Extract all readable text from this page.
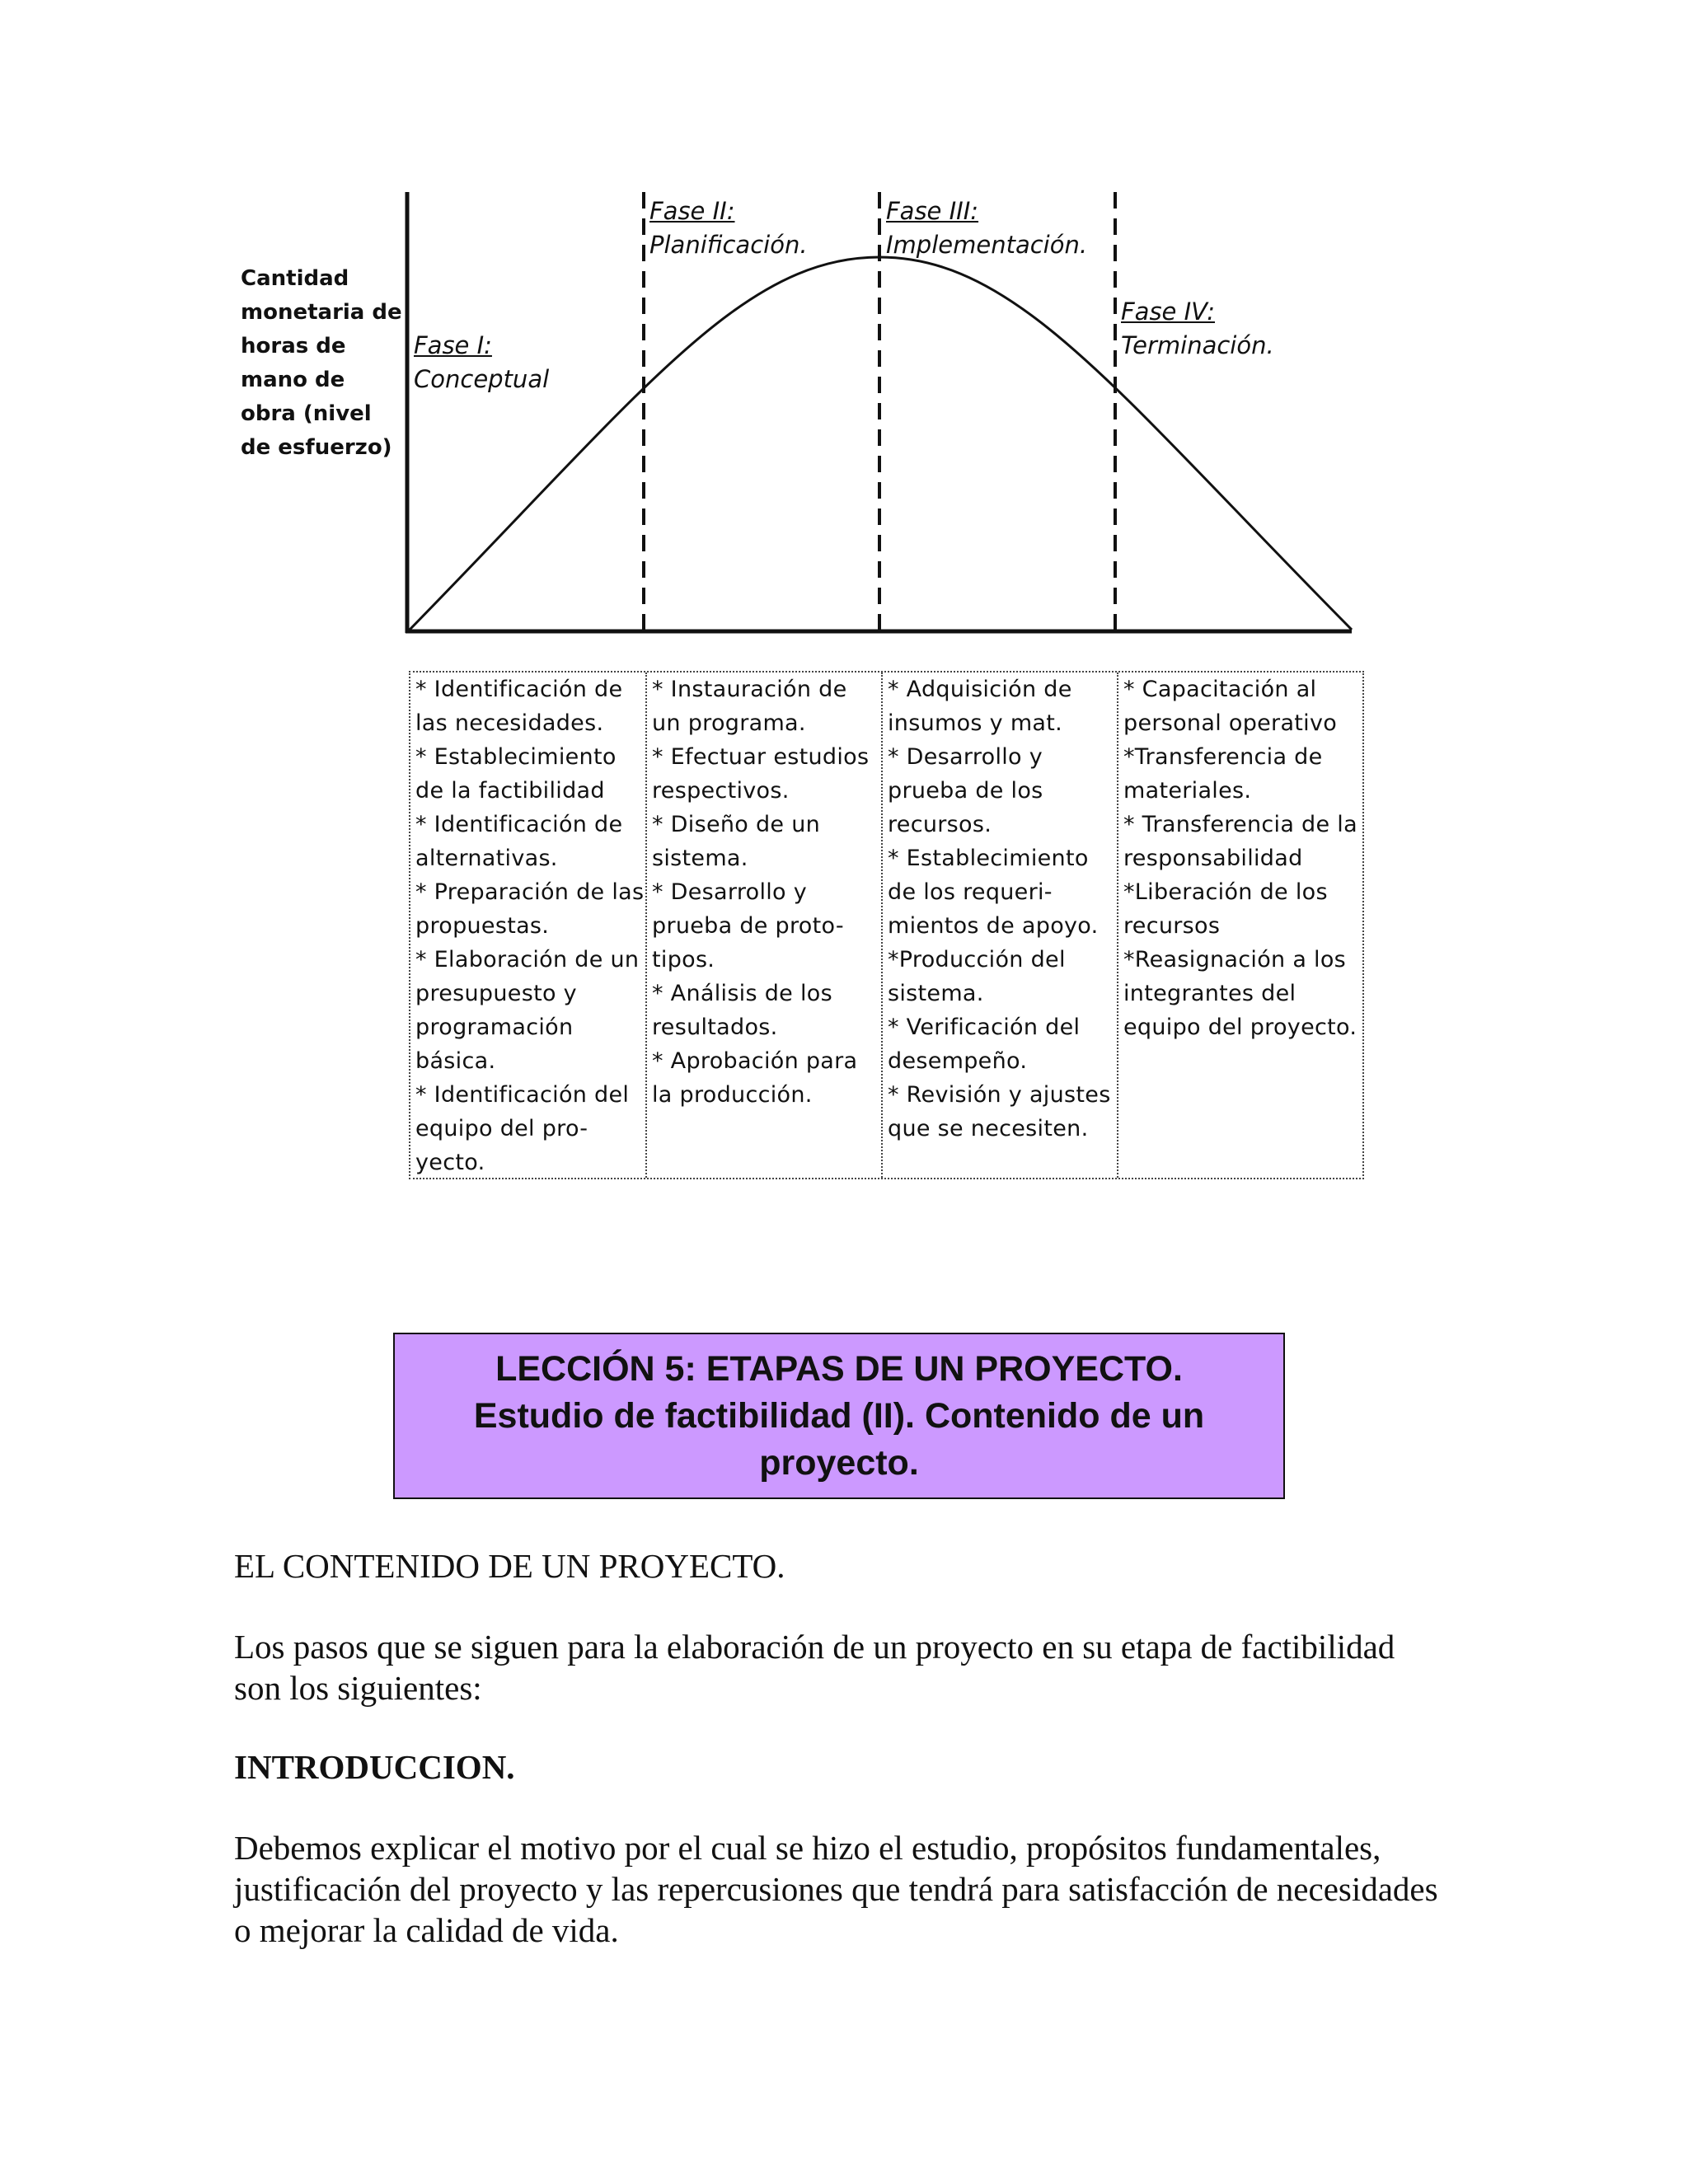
Cantidad monetaria de horas de mano de obra (nivel de esfuerzo)
Fase I:
Conceptual
Fase II:
Planificación.
Fase III:
Implementación.
Fase IV:
Terminación.
* Identificación de las necesidades.
* Establecimiento de la factibilidad
* Identificación de alternativas.
* Preparación de las propuestas.
* Elaboración de un presupuesto y programación básica.
* Identificación del equipo del pro-yecto.
* Instauración de un programa.
* Efectuar estudios respectivos.
* Diseño de un sistema.
* Desarrollo y prueba de proto-tipos.
* Análisis de los resultados.
* Aprobación para la producción.
* Adquisición de insumos y mat.
* Desarrollo y prueba de los recursos.
* Establecimiento de los requeri-mientos de apoyo.
*Producción del sistema.
* Verificación del desempeño.
* Revisión y ajustes que se necesiten.
* Capacitación al personal operativo
*Transferencia de materiales.
* Transferencia de la responsabilidad
*Liberación de los recursos
*Reasignación a los integrantes del equipo del proyecto.
LECCIÓN 5: ETAPAS DE UN PROYECTO. Estudio de factibilidad (II). Contenido de un proyecto.
EL CONTENIDO DE UN PROYECTO.
Los pasos que se siguen para la elaboración de un proyecto en su etapa de factibilidad son los siguientes:
INTRODUCCION.
Debemos explicar el motivo por el cual se hizo el estudio, propósitos fundamentales, justificación del proyecto y las repercusiones que tendrá para satisfacción de necesidades o mejorar la calidad de vida.
